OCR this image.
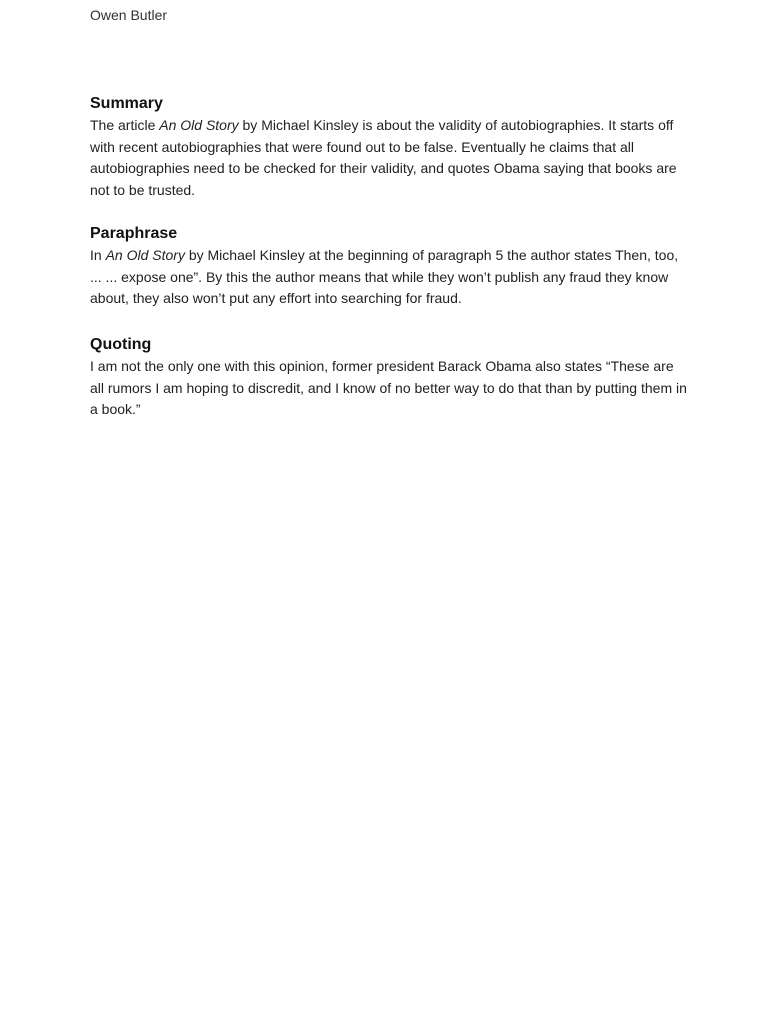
Owen Butler
Summary

The article An Old Story by Michael Kinsley is about the validity of autobiographies. It starts off with recent autobiographies that were found out to be false. Eventually he claims that all autobiographies need to be checked for their validity, and quotes Obama saying that books are not to be trusted.

Paraphrase

In An Old Story by Michael Kinsley at the beginning of paragraph 5 the author states Then, too, ... ... expose one”. By this the author means that while they won’t publish any fraud they know about, they also won’t put any effort into searching for fraud.

Quoting

I am not the only one with this opinion, former president Barack Obama also states “These are all rumors I am hoping to discredit, and I know of no better way to do that than by putting them in a book.”
